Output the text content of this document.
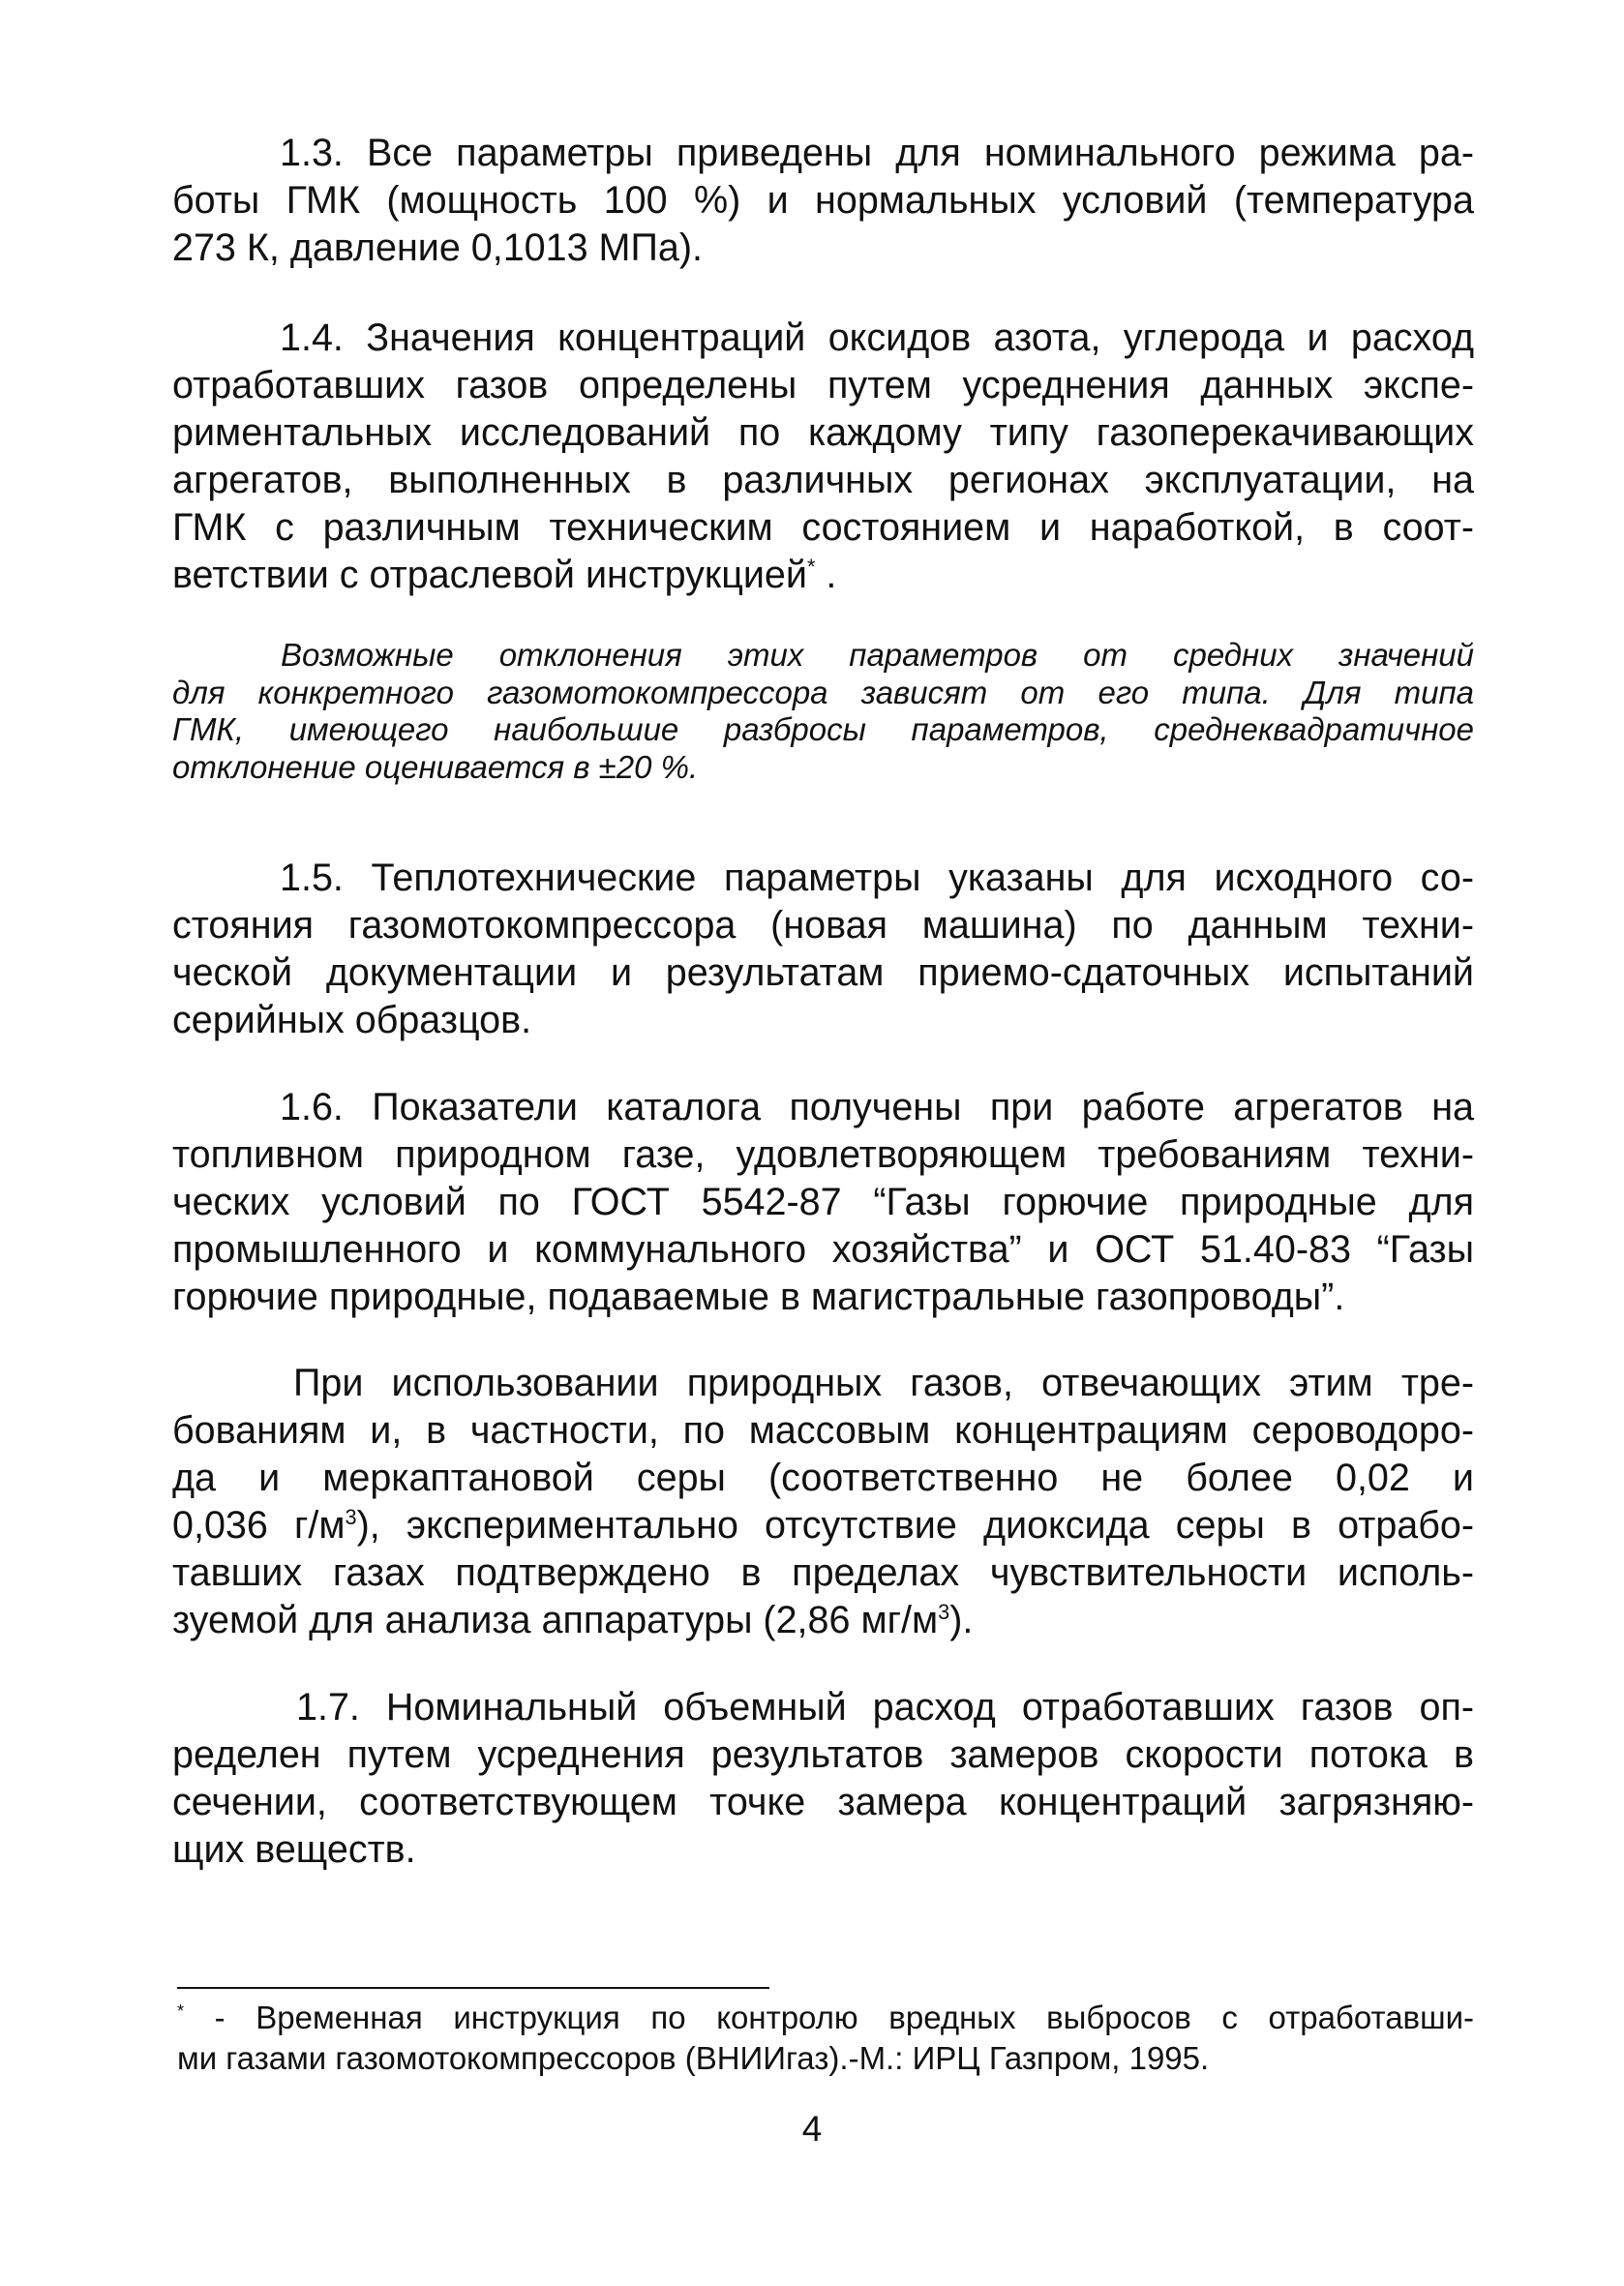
1.3. Все параметры приведены для номинального режима ра-
боты ГМК (мощность 100 %) и нормальных условий (температура
273 К, давление 0,1013 МПа).
1.4. Значения концентраций оксидов азота, углерода и расход
отработавших газов определены путем усреднения данных экспе-
риментальных исследований по каждому типу газоперекачивающих
агрегатов, выполненных в различных регионах эксплуатации, на
ГМК с различным техническим состоянием и наработкой, в соот-
ветствии с отраслевой инструкцией* .
Возможные отклонения этих параметров от средних значений
для конкретного газомотокомпрессора зависят от его типа. Для типа
ГМК, имеющего наибольшие разбросы параметров, среднеквадратичное
отклонение оценивается в ±20 %.
1.5. Теплотехнические параметры указаны для исходного со-
стояния газомотокомпрессора (новая машина) по данным техни-
ческой документации и результатам приемо-сдаточных испытаний
серийных образцов.
1.6. Показатели каталога получены при работе агрегатов на
топливном природном газе, удовлетворяющем требованиям техни-
ческих условий по ГОСТ 5542-87 “Газы горючие природные для
промышленного и коммунального хозяйства” и ОСТ 51.40-83 “Газы
горючие природные, подаваемые в магистральные газопроводы”.
При использовании природных газов, отвечающих этим тре-
бованиям и, в частности, по массовым концентрациям сероводоро-
да и меркаптановой серы (соответственно не более 0,02 и
0,036 $г/м^3$), экспериментально отсутствие диоксида серы в отрабо-
тавших газах подтверждено в пределах чувствительности исполь-
зуемой для анализа аппаратуры (2,86 $мг/м^3$).
1.7. Номинальный объемный расход отработавших газов оп-
ределен путем усреднения результатов замеров скорости потока в
сечении, соответствующем точке замера концентраций загрязняю-
щих веществ.
* - Временная инструкция по контролю вредных выбросов с отработавши-
ми газами газомотокомпрессоров (ВНИИгаз).-М.: ИРЦ Газпром, 1995.
4
